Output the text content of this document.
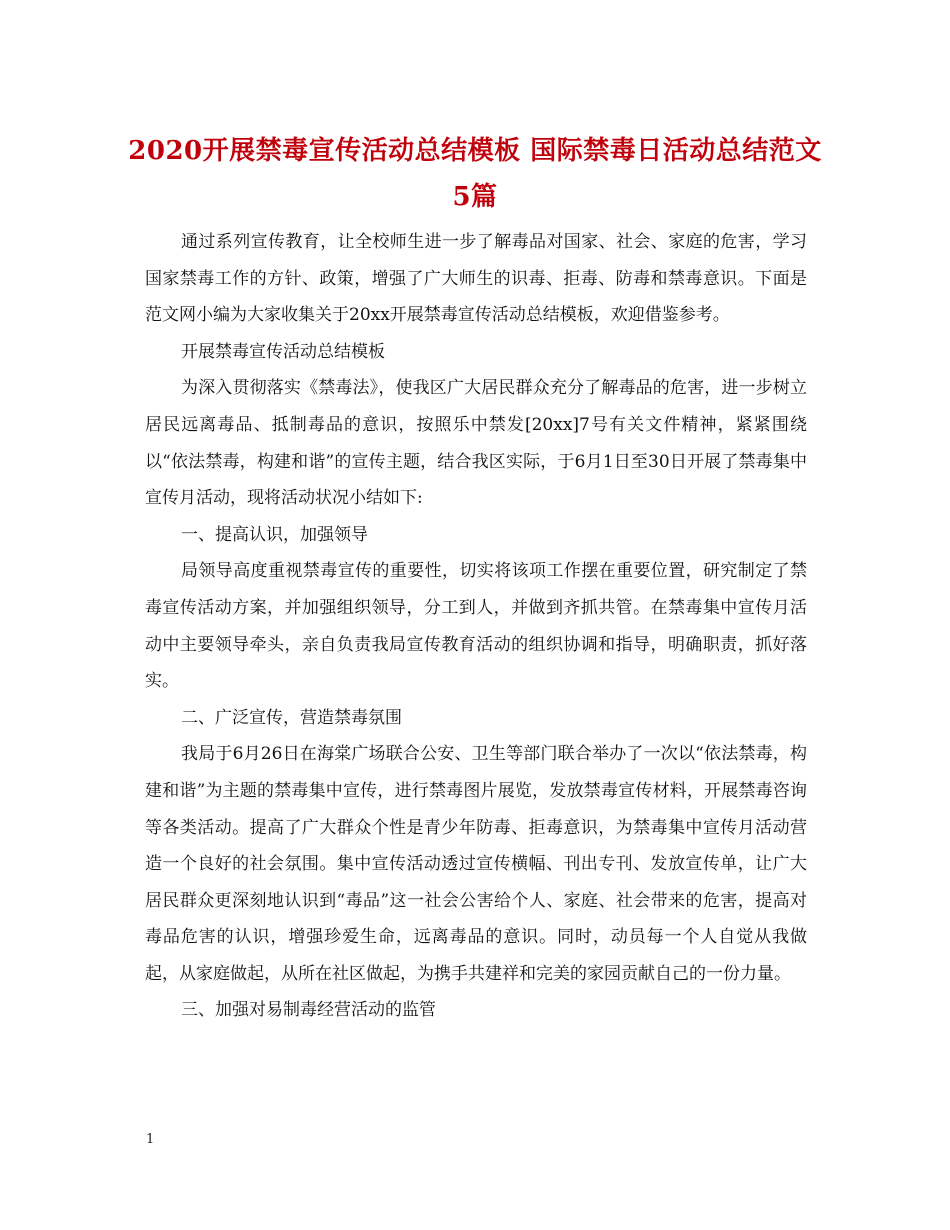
2020开展禁毒宣传活动总结模板 国际禁毒日活动总结范文5篇

通过系列宣传教育，让全校师生进一步了解毒品对国家、社会、家庭的危害，学习国家禁毒工作的方针、政策，增强了广大师生的识毒、拒毒、防毒和禁毒意识。下面是范文网小编为大家收集关于20xx开展禁毒宣传活动总结模板，欢迎借鉴参考。

开展禁毒宣传活动总结模板

为深入贯彻落实《禁毒法》，使我区广大居民群众充分了解毒品的危害，进一步树立居民远离毒品、抵制毒品的意识，按照乐中禁发[20xx]7号有关文件精神，紧紧围绕以“依法禁毒，构建和谐”的宣传主题，结合我区实际，于6月1日至30日开展了禁毒集中宣传月活动，现将活动状况小结如下:

一、提高认识，加强领导

局领导高度重视禁毒宣传的重要性，切实将该项工作摆在重要位置，研究制定了禁毒宣传活动方案，并加强组织领导，分工到人，并做到齐抓共管。在禁毒集中宣传月活动中主要领导牵头，亲自负责我局宣传教育活动的组织协调和指导，明确职责，抓好落实。

二、广泛宣传，营造禁毒氛围

我局于6月26日在海棠广场联合公安、卫生等部门联合举办了一次以“依法禁毒，构建和谐”为主题的禁毒集中宣传，进行禁毒图片展览，发放禁毒宣传材料，开展禁毒咨询等各类活动。提高了广大群众个性是青少年防毒、拒毒意识，为禁毒集中宣传月活动营造一个良好的社会氛围。集中宣传活动透过宣传横幅、刊出专刊、发放宣传单，让广大居民群众更深刻地认识到“毒品”这一社会公害给个人、家庭、社会带来的危害，提高对毒品危害的认识，增强珍爱生命，远离毒品的意识。同时，动员每一个人自觉从我做起，从家庭做起，从所在社区做起，为携手共建祥和完美的家园贡献自己的一份力量。

三、加强对易制毒经营活动的监管

1
